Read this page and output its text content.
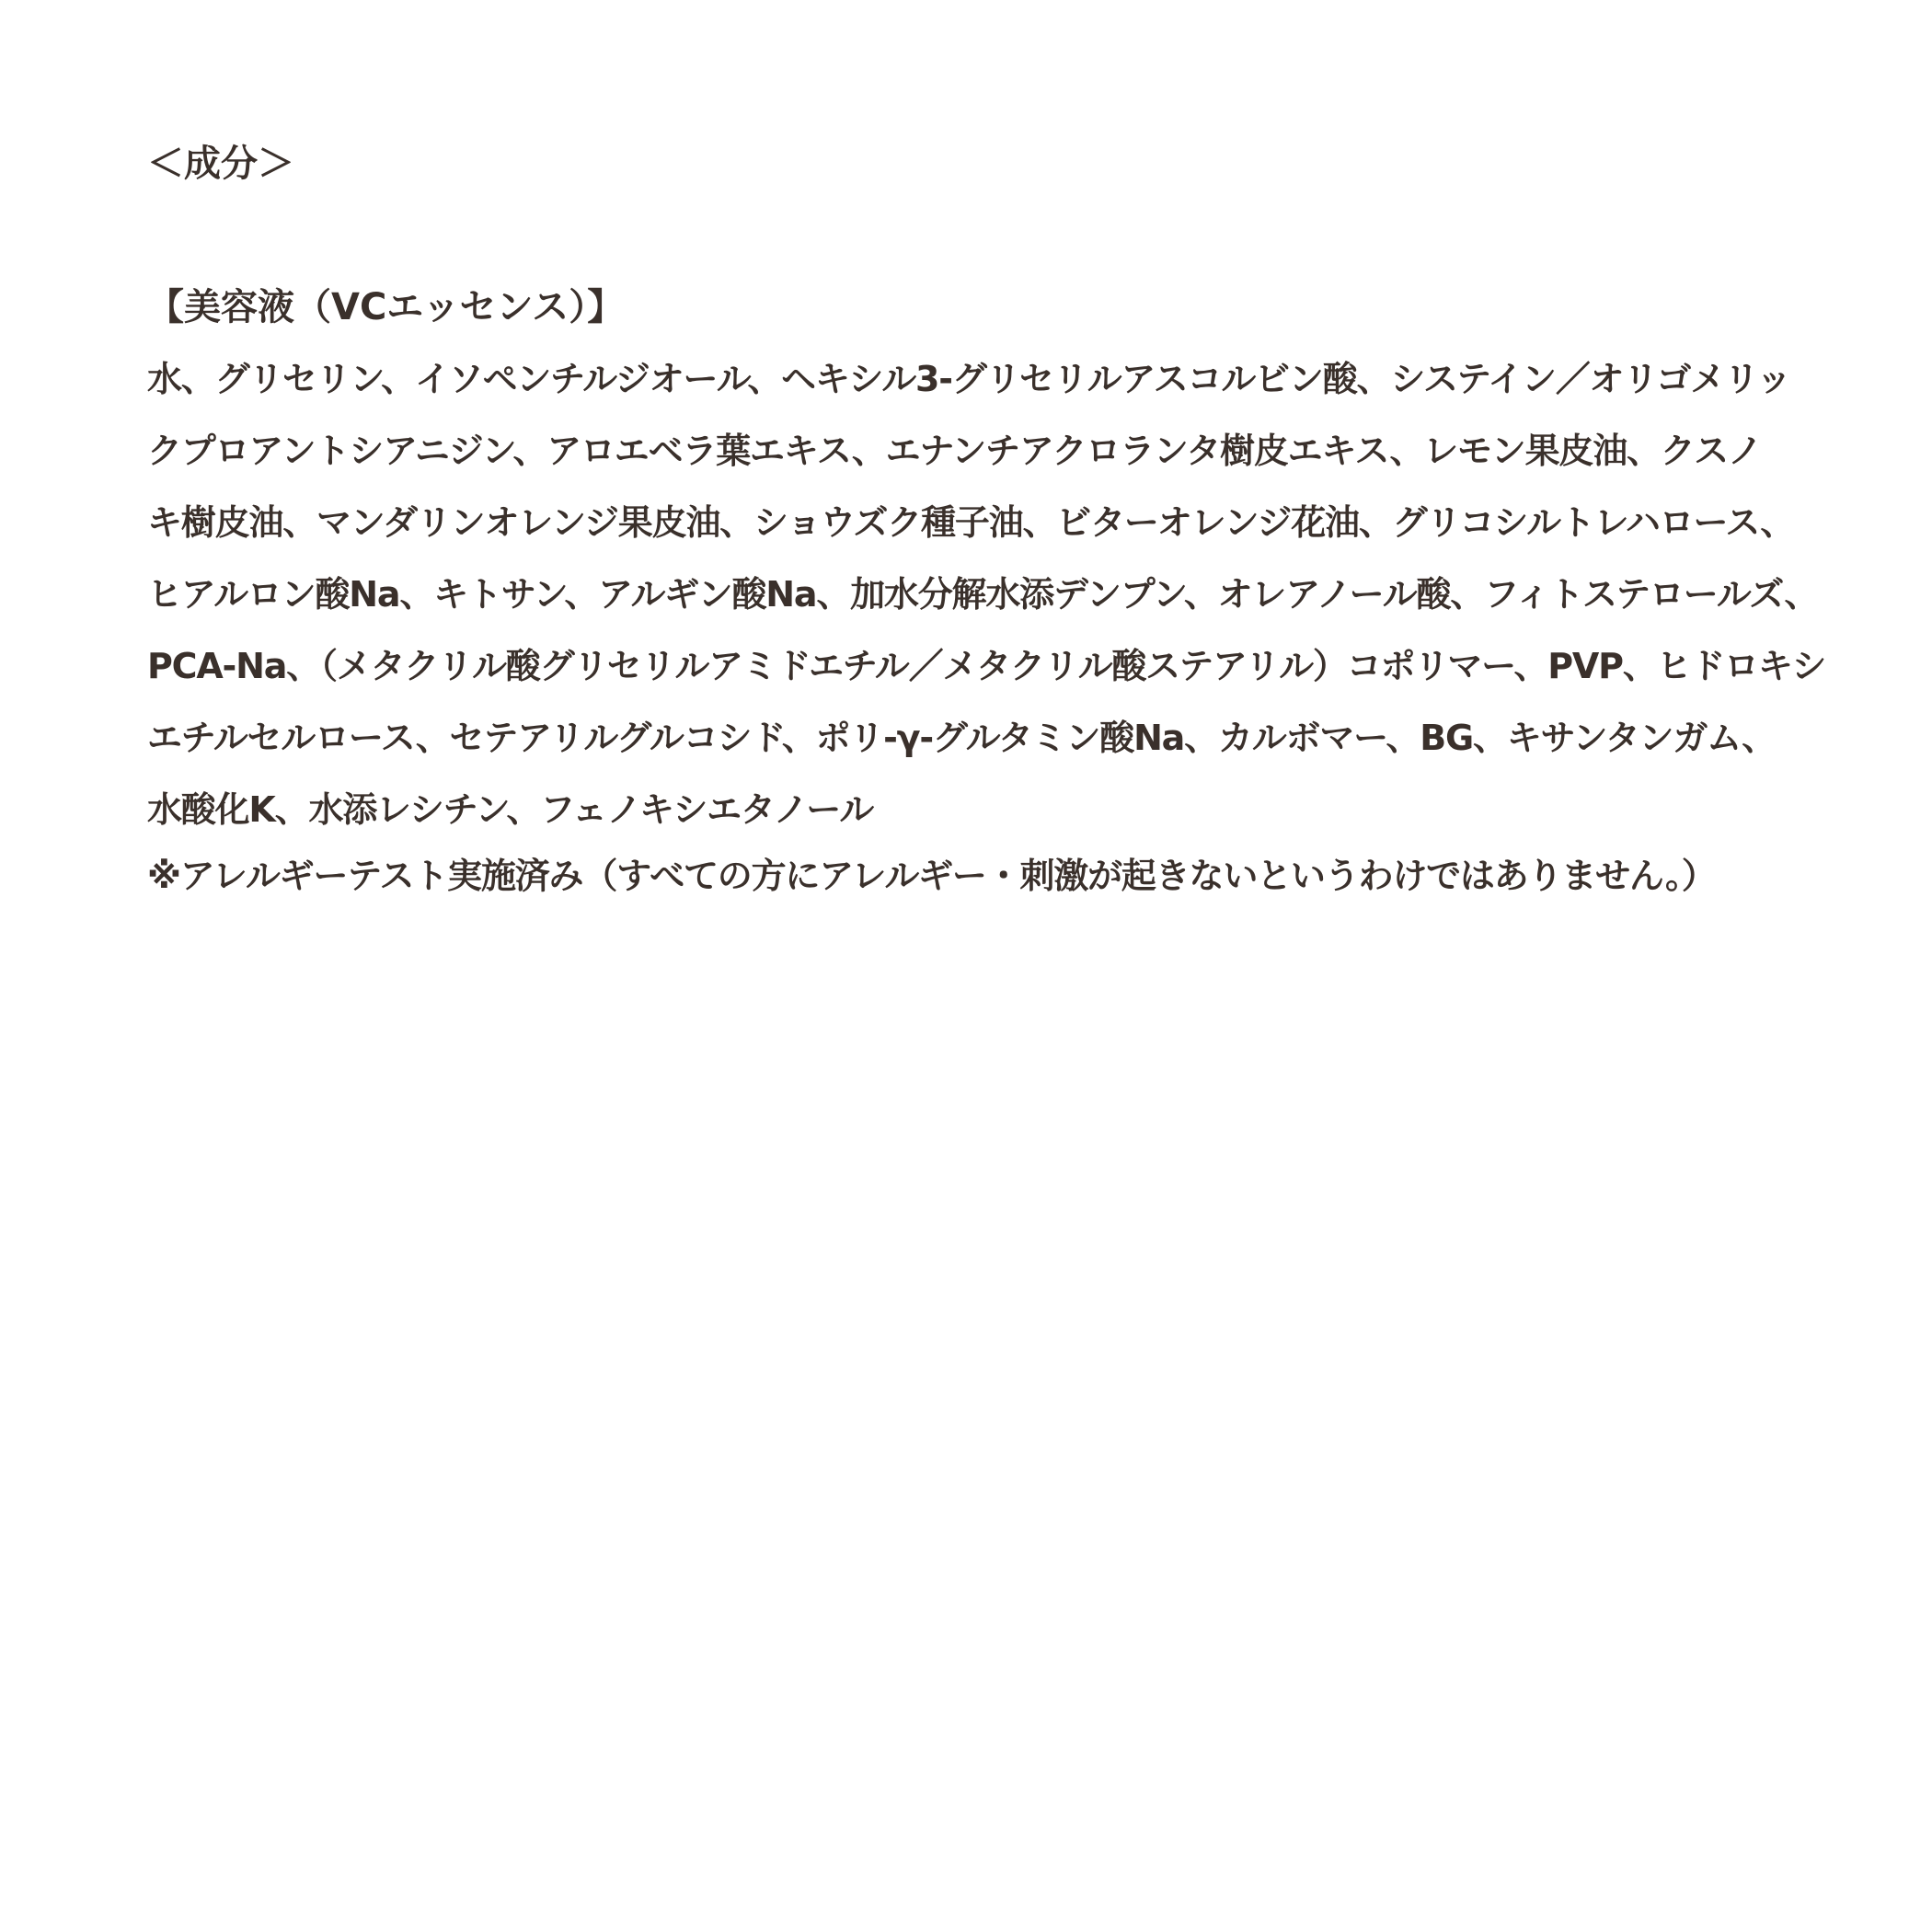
＜成分＞
【美容液（VCエッセンス）】
水、グリセリン、イソペンチルジオール、ヘキシル3-グリセリルアスコルビン酸、システイン／オリゴメリッ
クプロアントシアニジン、アロエベラ葉エキス、エナンチアクロランタ樹皮エキス、レモン果皮油、クスノ
キ樹皮油、マンダリンオレンジ果皮油、ショウズク種子油、ビターオレンジ花油、グリコシルトレハロース、
ヒアルロン酸Na、キトサン、アルギン酸Na、加水分解水添デンプン、オレアノール酸、フィトステロールズ、
PCA-Na、（メタクリル酸グリセリルアミドエチル／メタクリル酸ステアリル）コポリマー、PVP、ヒドロキシ
エチルセルロース、セテアリルグルコシド、ポリ-γ-グルタミン酸Na、カルボマー、BG、キサンタンガム、
水酸化K、水添レシチン、フェノキシエタノール
※アレルギーテスト実施済み（すべての方にアレルギー・刺激が起きないというわけではありません。）
